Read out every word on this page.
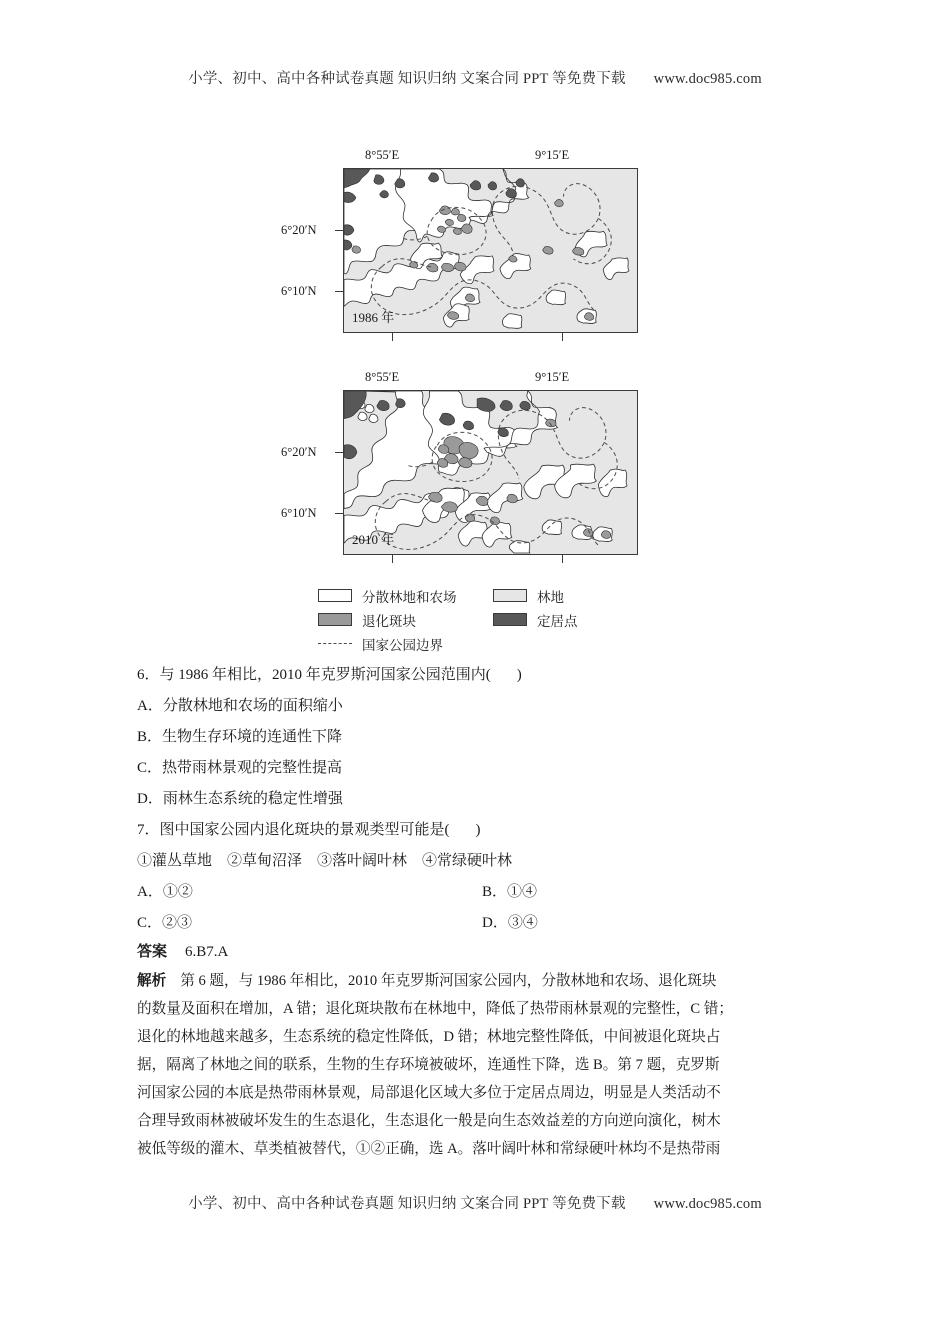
小学、初中、高中各种试卷真题 知识归纳 文案合同 PPT 等免费下载 www.doc985.com
8°55′E	9°15′E
6°20′N
6°10′N
1986 年
8°55′E	9°15′E
6°20′N
6°10′N
2010 年
分散林地和农场	林地
退化斑块	定居点
国家公园边界
6．与 1986 年相比，2010 年克罗斯河国家公园范围内( )
A．分散林地和农场的面积缩小
B．生物生存环境的连通性下降
C．热带雨林景观的完整性提高
D．雨林生态系统的稳定性增强
7．图中国家公园内退化斑块的景观类型可能是( )
①灌丛草地　②草甸沼泽　③落叶阔叶林　④常绿硬叶林
A．①②	B．①④
C．②③	D．③④
答案 6.B7.A
解析 第 6 题，与 1986 年相比，2010 年克罗斯河国家公园内，分散林地和农场、退化斑块
的数量及面积在增加，A 错；退化斑块散布在林地中，降低了热带雨林景观的完整性，C 错；
退化的林地越来越多，生态系统的稳定性降低，D 错；林地完整性降低，中间被退化斑块占
据，隔离了林地之间的联系，生物的生存环境被破坏，连通性下降，选 B。第 7 题，克罗斯
河国家公园的本底是热带雨林景观，局部退化区域大多位于定居点周边，明显是人类活动不
合理导致雨林被破坏发生的生态退化，生态退化一般是向生态效益差的方向逆向演化，树木
被低等级的灌木、草类植被替代，①②正确，选 A。落叶阔叶林和常绿硬叶林均不是热带雨
小学、初中、高中各种试卷真题 知识归纳 文案合同 PPT 等免费下载 www.doc985.com
